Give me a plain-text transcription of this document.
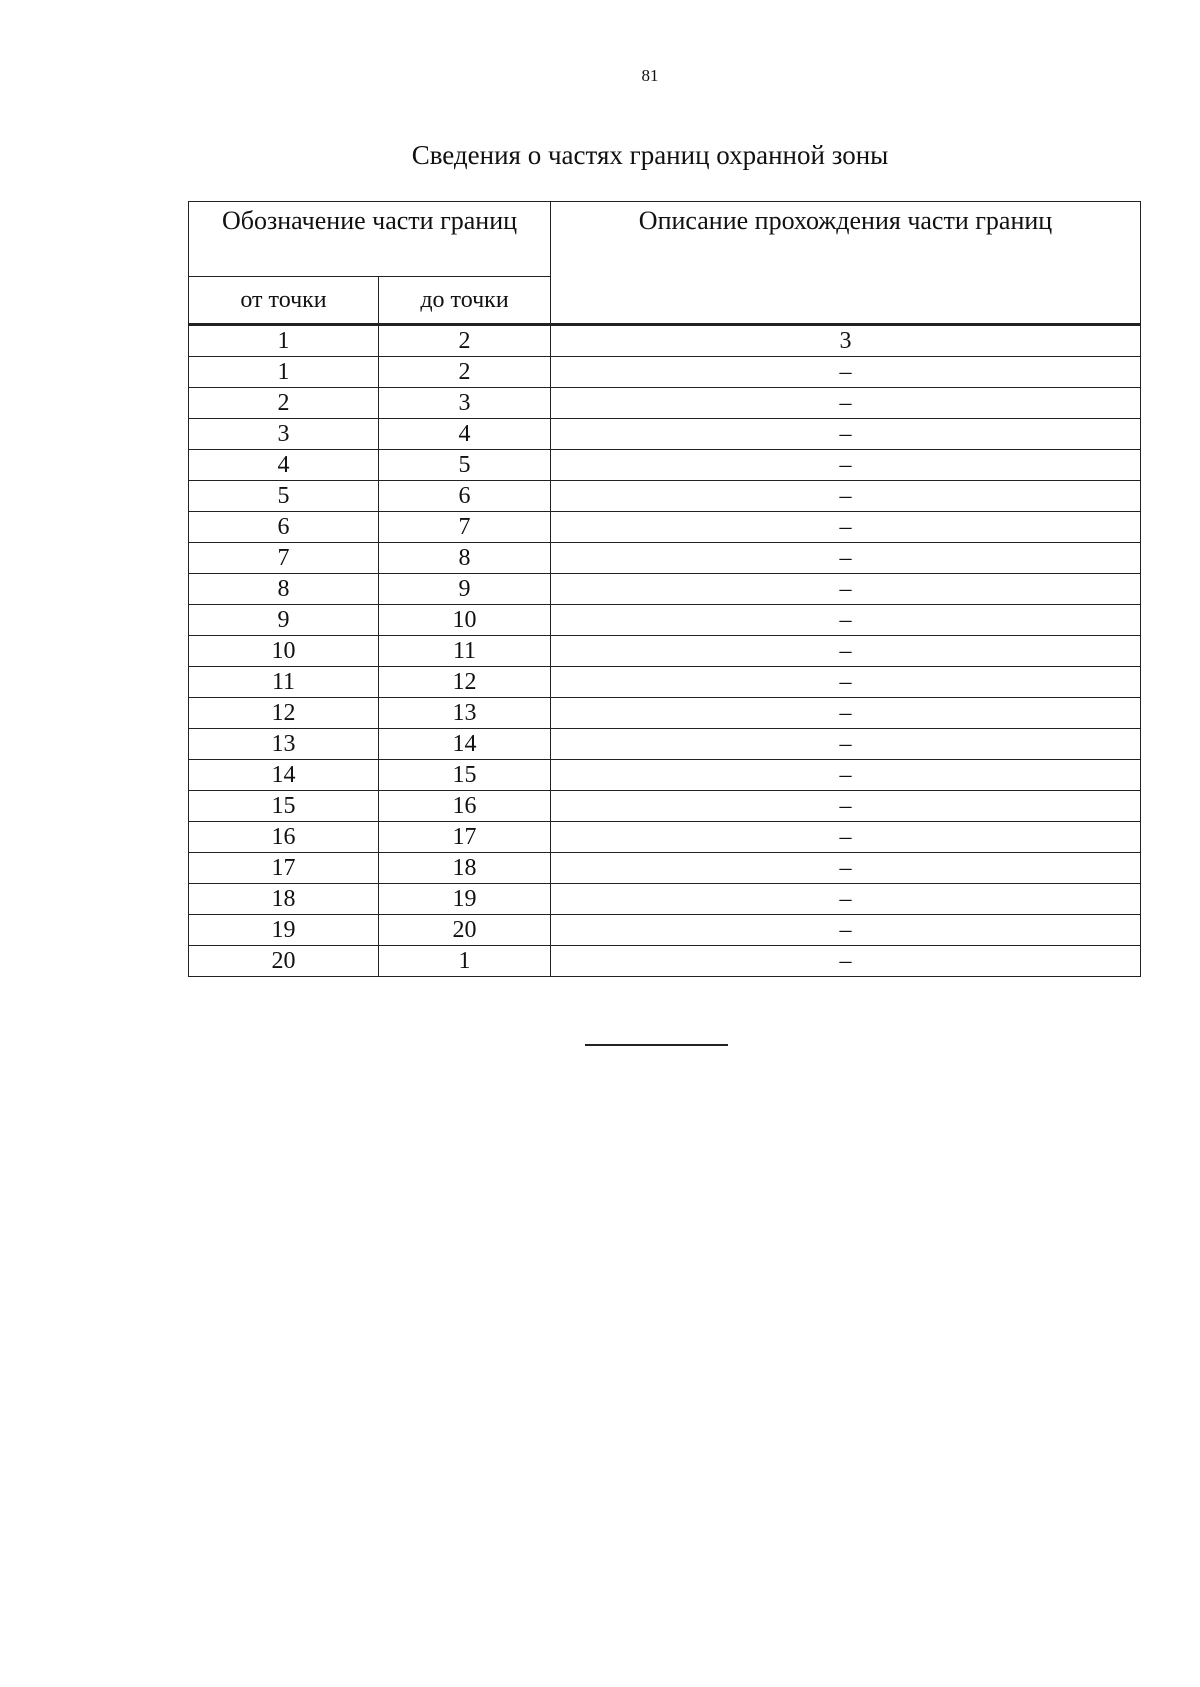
81
Сведения о частях границ охранной зоны
Обозначение части границ		Описание прохождения части границ
от точки	до точки	
1	2	3
1	2	–
2	3	–
3	4	–
4	5	–
5	6	–
6	7	–
7	8	–
8	9	–
9	10	–
10	11	–
11	12	–
12	13	–
13	14	–
14	15	–
15	16	–
16	17	–
17	18	–
18	19	–
19	20	–
20	1	–
